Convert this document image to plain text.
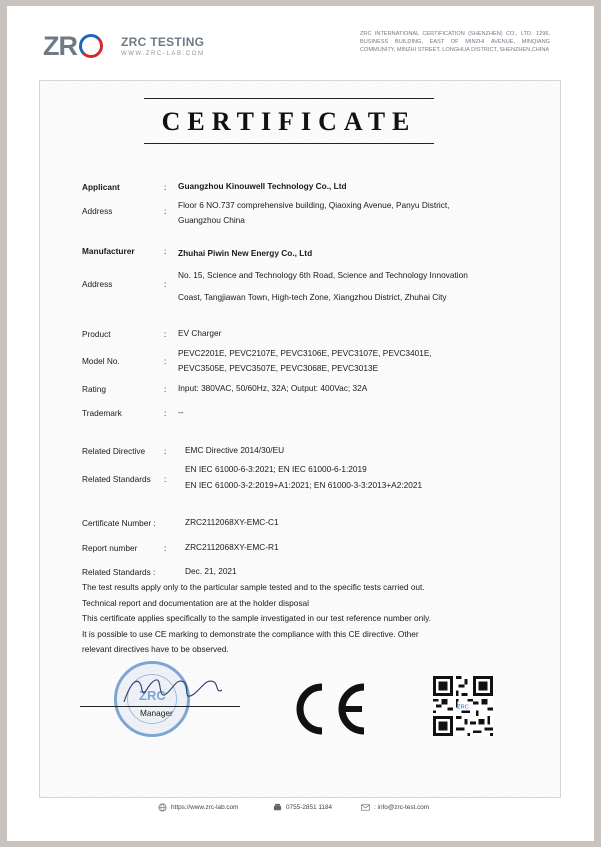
Z R	ZRC TESTING
WWW.ZRC-LAB.COM
ZRC INTERNATIONAL CERTIFICATION (SHENZHEN) CO., LTD. 1296, BUSINESS BUILDING, EAST OF MINZHI AVENUE, MINQIANG COMMUNITY, MINZHI STREET, LONGHUA DISTRICT, SHENZHEN,CHINA
CERTIFICATE
Applicant	: Guangzhou Kinouwell Technology Co., Ltd
Address	:
Floor 6 NO.737 comprehensive building, Qiaoxing Avenue, Panyu District,
Guangzhou China
Manufacturer	: Zhuhai Piwin New Energy Co., Ltd
Address	:
No. 15, Science and Technology 6th Road, Science and Technology Innovation
Coast, Tangjiawan Town, High-tech Zone, Xiangzhou District, Zhuhai City
Product	: EV Charger
Model No.	:
PEVC2201E, PEVC2107E, PEVC3106E, PEVC3107E, PEVC3401E,
PEVC3505E, PEVC3507E, PEVC3068E, PEVC3013E
Rating	: Input: 380VAC, 50/60Hz, 32A; Output: 400Vac; 32A
Trademark	: --
Related Directive : EMC Directive 2014/30/EU
Related Standards :
EN IEC 61000-6-3:2021; EN IEC 61000-6-1:2019
EN IEC 61000-3-2:2019+A1:2021; EN 61000-3-3:2013+A2:2021
Certificate Number :	ZRC2112068XY-EMC-C1
Report number	: ZRC2112068XY-EMC-R1
Related Standards :	Dec. 21, 2021
The test results apply only to the particular sample tested and to the specific tests carried out.
Technical report and documentation are at the holder disposal
This certificate applies specifically to the sample investigated in our test reference number only.
It is possible to use CE marking to demonstrate the compliance with this CE directive. Other
relevant directives have to be observed.
ZRC
Manager
ZRC
https://www.zrc-lab.com	0755-2851 1184	: info@zrc-test.com
